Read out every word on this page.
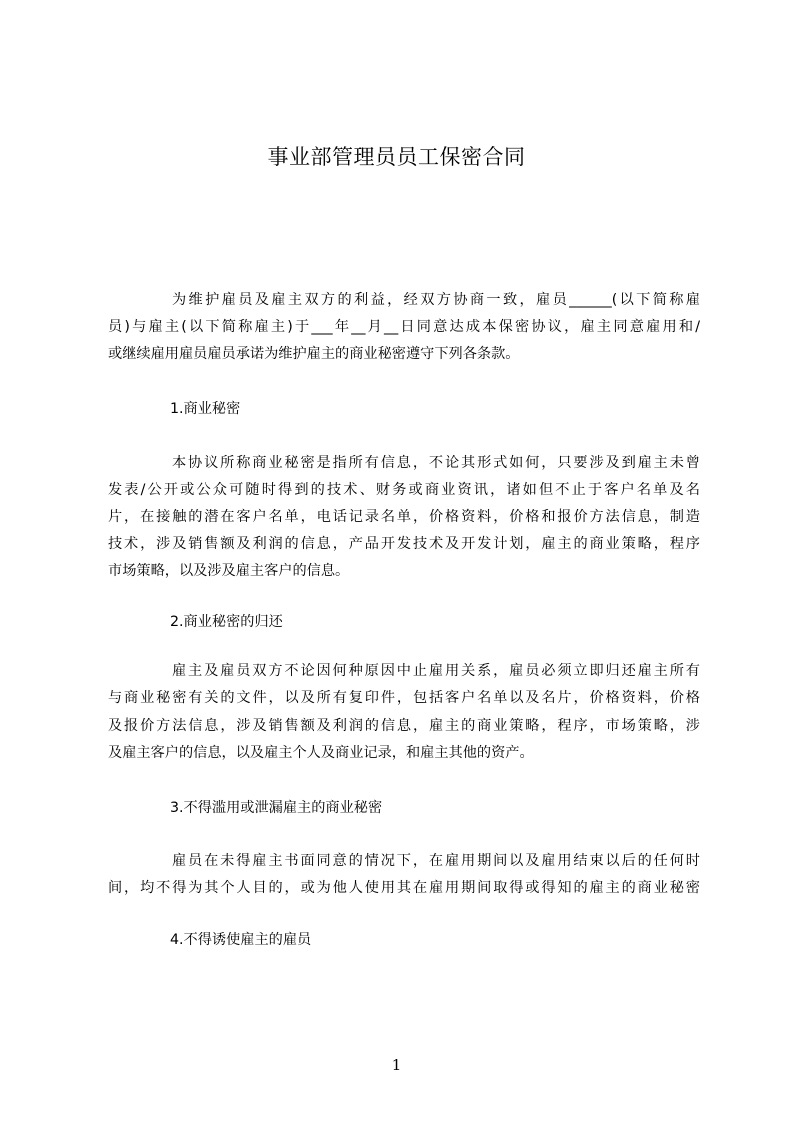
事业部管理员员工保密合同
为维护雇员及雇主双方的利益，经双方协商一致，雇员______(以下简称雇
员)与雇主(以下简称雇主)于___年__月__日同意达成本保密协议，雇主同意雇用和/
或继续雇用雇员雇员承诺为维护雇主的商业秘密遵守下列各条款。
1.商业秘密
本协议所称商业秘密是指所有信息，不论其形式如何，只要涉及到雇主未曾
发表/公开或公众可随时得到的技术、财务或商业资讯，诸如但不止于客户名单及名
片，在接触的潜在客户名单，电话记录名单，价格资料，价格和报价方法信息，制造
技术，涉及销售额及利润的信息，产品开发技术及开发计划，雇主的商业策略，程序
市场策略，以及涉及雇主客户的信息。
2.商业秘密的归还
雇主及雇员双方不论因何种原因中止雇用关系，雇员必须立即归还雇主所有
与商业秘密有关的文件，以及所有复印件，包括客户名单以及名片，价格资料，价格
及报价方法信息，涉及销售额及利润的信息，雇主的商业策略，程序，市场策略，涉
及雇主客户的信息，以及雇主个人及商业记录，和雇主其他的资产。
3.不得滥用或泄漏雇主的商业秘密
雇员在未得雇主书面同意的情况下，在雇用期间以及雇用结束以后的任何时
间，均不得为其个人目的，或为他人使用其在雇用期间取得或得知的雇主的商业秘密
4.不得诱使雇主的雇员
1
